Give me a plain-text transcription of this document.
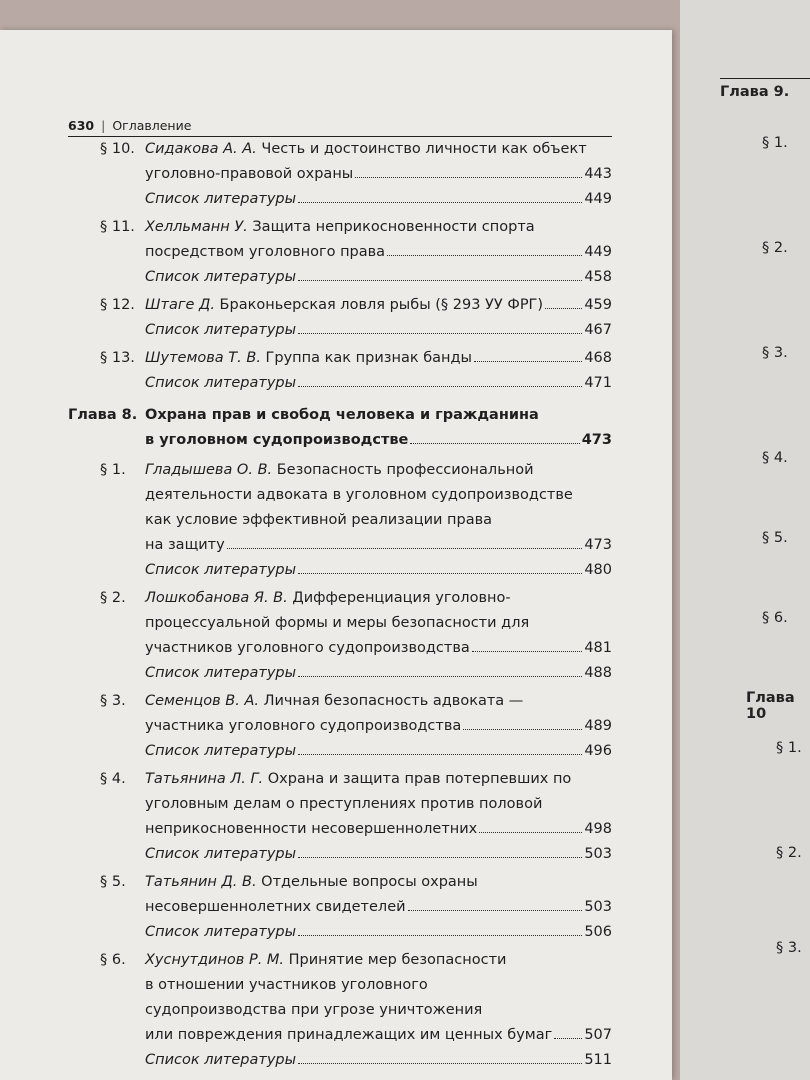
630 | Оглавление
§ 10. Сидакова А. А.
Честь и достоинство личности как объект
уголовно-правовой охраны	443
Список литературы	449
§ 11. Хелльманн У.
Защита неприкосновенности спорта
посредством уголовного права	449
Список литературы	458
§ 12. Штаге Д.
Браконьерская ловля рыбы (§ 293 УУ ФРГ)	459
Список литературы	467
§ 13. Шутемова Т. В.
Группа как признак банды	468
Список литературы	471
Глава 8. Охрана прав и свобод человека и гражданина
в уголовном судопроизводстве	473
§ 1. Гладышева О. В.
Безопасность профессиональной
деятельности адвоката в уголовном судопроизводстве
как условие эффективной реализации права
на защиту	473
Список литературы	480
§ 2. Лошкобанова Я. В.
Дифференциация уголовно-
процессуальной формы и меры безопасности для
участников уголовного судопроизводства	481
Список литературы	488
§ 3. Семенцов В. А.
Личная безопасность адвоката —
участника уголовного судопроизводства	489
Список литературы	496
§ 4. Татьянина Л. Г.
Охрана и защита прав потерпевших по
уголовным делам о преступлениях против половой
неприкосновенности несовершеннолетних	498
Список литературы	503
§ 5. Татьянин Д. В.
Отдельные вопросы охраны
несовершеннолетних свидетелей	503
Список литературы	506
§ 6. Хуснутдинов Р. М.
Принятие мер безопасности
в отношении участников уголовного
судопроизводства при угрозе уничтожения
или повреждения принадлежащих им ценных бумаг 507
Список литературы	511
Глава 9.
§ 1.
§ 2.
§ 3.
§ 4.
§ 5.
§ 6.
Глава 10
§ 1.
§ 2.
§ 3.
